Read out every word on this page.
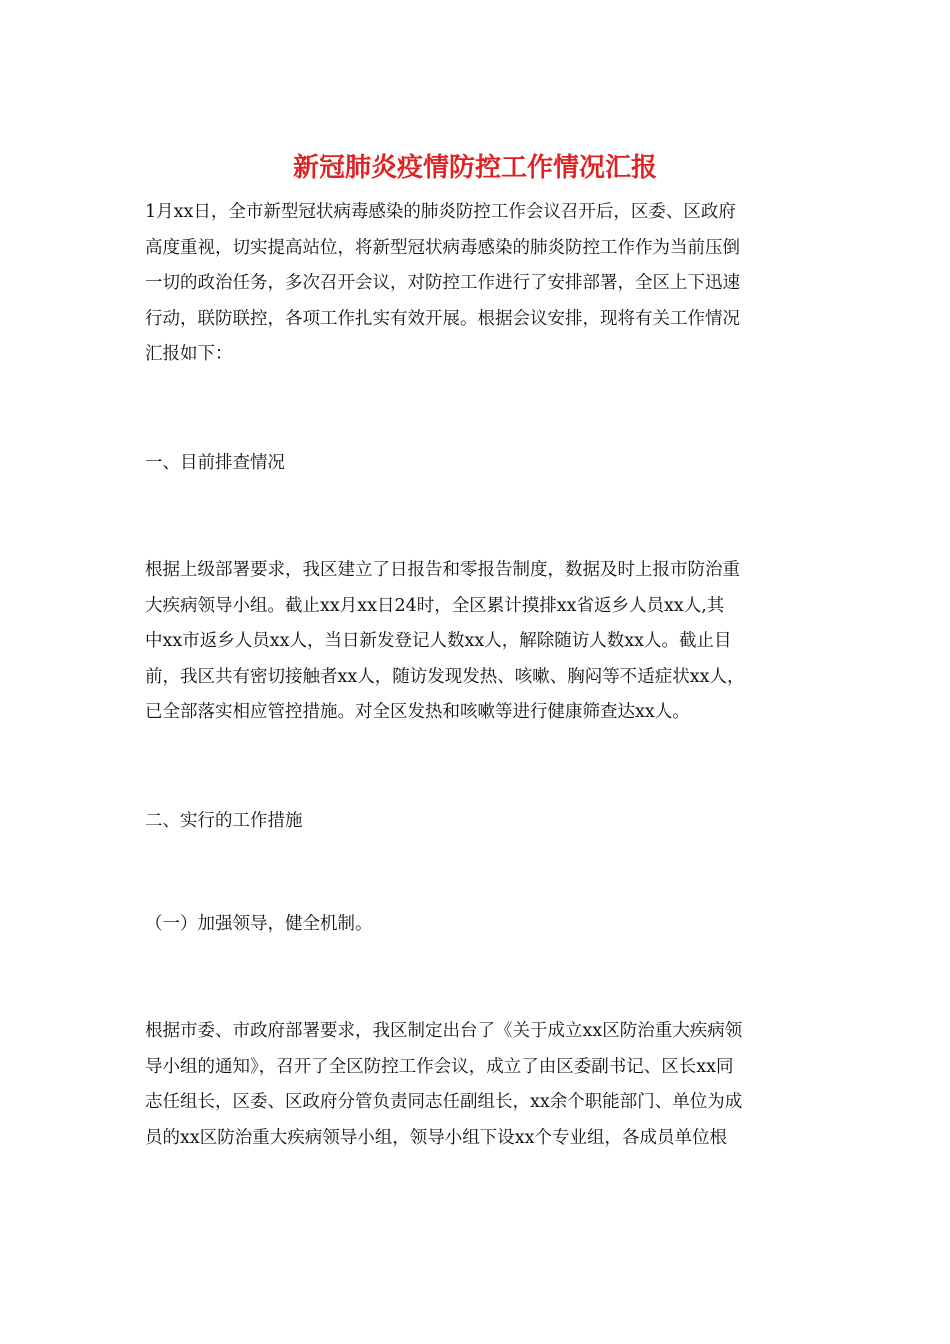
新冠肺炎疫情防控工作情况汇报
1月xx日，全市新型冠状病毒感染的肺炎防控工作会议召开后，区委、区政府
高度重视，切实提高站位，将新型冠状病毒感染的肺炎防控工作作为当前压倒
一切的政治任务，多次召开会议，对防控工作进行了安排部署，全区上下迅速
行动，联防联控，各项工作扎实有效开展。根据会议安排，现将有关工作情况
汇报如下：
一、目前排查情况
根据上级部署要求，我区建立了日报告和零报告制度，数据及时上报市防治重
大疾病领导小组。截止xx月xx日24时，全区累计摸排xx省返乡人员xx人,其
中xx市返乡人员xx人，当日新发登记人数xx人，解除随访人数xx人。截止目
前，我区共有密切接触者xx人，随访发现发热、咳嗽、胸闷等不适症状xx人，
已全部落实相应管控措施。对全区发热和咳嗽等进行健康筛查达xx人。
二、实行的工作措施
（一）加强领导，健全机制。
根据市委、市政府部署要求，我区制定出台了《关于成立xx区防治重大疾病领
导小组的通知》，召开了全区防控工作会议，成立了由区委副书记、区长xx同
志任组长，区委、区政府分管负责同志任副组长，xx余个职能部门、单位为成
员的xx区防治重大疾病领导小组，领导小组下设xx个专业组，各成员单位根
